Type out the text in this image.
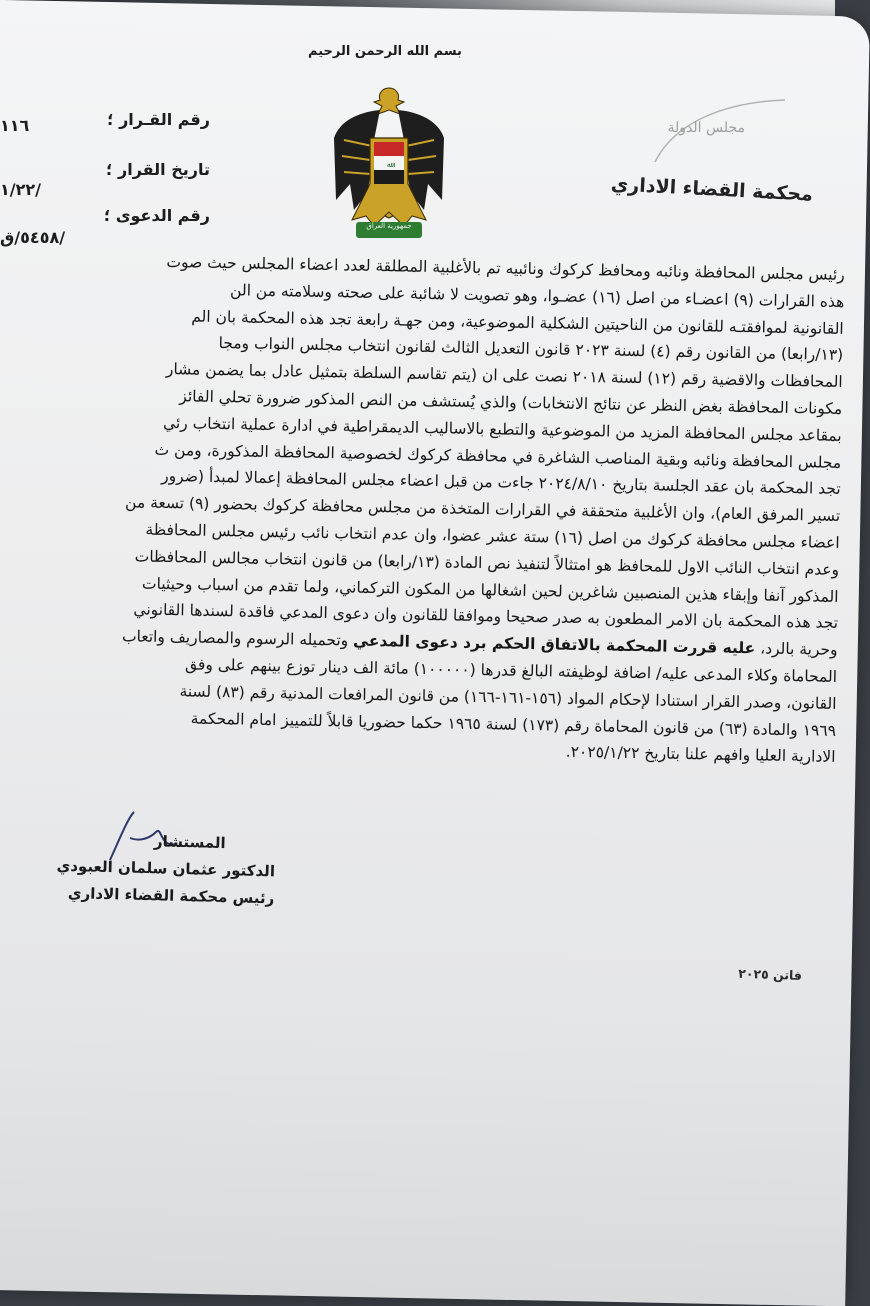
بسم الله الرحمن الرحيم
ﷲ
جمهورية العراق
مجلس الدولة
محكمة القضاء الاداري
١١٦	رقم القـرار ؛
١/٢٢/
تاريخ القرار ؛
٥٤٥٨/ق/
رقم الدعوى ؛
رئيس مجلس المحافظة ونائبه ومحافظ كركوك ونائبيه تم بالأغلبية المطلقة لعدد اعضاء المجلس حيث صوت
هذه القرارات (٩) اعضـاء من اصل (١٦) عضـوا، وهو تصويت لا شائبة على صحته وسلامته من الن
القانونية لموافقتـه للقانون من الناحيتين الشكلية الموضوعية، ومن جهـة رابعة تجد هذه المحكمة بان الم
(١٣/رابعا) من القانون رقم (٤) لسنة ٢٠٢٣ قانون التعديل الثالث لقانون انتخاب مجلس النواب ومجا
المحافظات والاقضية رقم (١٢) لسنة ٢٠١٨ نصت على ان (يتم تقاسم السلطة بتمثيل عادل بما يضمن مشار
مكونات المحافظة بغض النظر عن نتائج الانتخابات) والذي يُستشف من النص المذكور ضرورة تحلي الفائز
بمقاعد مجلس المحافظة المزيد من الموضوعية والتطبع بالاساليب الديمقراطية في ادارة عملية انتخاب رئي
مجلس المحافظة ونائبه وبقية المناصب الشاغرة في محافظة كركوك لخصوصية المحافظة المذكورة، ومن ث
تجد المحكمة بان عقد الجلسة بتاريخ ٢٠٢٤/٨/١٠ جاءت من قبل اعضاء مجلس المحافظة إعمالا لمبدأ (ضرور
تسير المرفق العام)، وان الأغلبية متحققة في القرارات المتخذة من مجلس محافظة كركوك بحضور (٩) تسعة من
اعضاء مجلس محافظة كركوك من اصل (١٦) ستة عشر عضوا، وان عدم انتخاب نائب رئيس مجلس المحافظة
وعدم انتخاب النائب الاول للمحافظ هو امتثالاً لتنفيذ نص المادة (١٣/رابعا) من قانون انتخاب مجالس المحافظات
المذكور آنفا وإبقاء هذين المنصبين شاغرين لحين اشغالها من المكون التركماني، ولما تقدم من اسباب وحيثيات
تجد هذه المحكمة بان الامر المطعون به صدر صحيحا وموافقا للقانون وان دعوى المدعي فاقدة لسندها القانوني
وحرية بالرد، عليه قررت المحكمة بالاتفاق الحكم برد دعوى المدعي وتحميله الرسوم والمصاريف واتعاب
المحاماة وكلاء المدعى عليه/ اضافة لوظيفته البالغ قدرها (١٠٠٠٠٠) مائة الف دينار توزع بينهم على وفق
القانون، وصدر القرار استنادا لإحكام المواد (١٥٦-١٦١-١٦٦) من قانون المرافعات المدنية رقم (٨٣) لسنة
١٩٦٩ والمادة (٦٣) من قانون المحاماة رقم (١٧٣) لسنة ١٩٦٥ حكما حضوريا قابلاً للتمييز امام المحكمة
الادارية العليا وافهم علنا بتاريخ ٢٠٢٥/١/٢٢.
المستشار
الدكتور عثمان سلمان العبودي
رئيس محكمة القضاء الاداري
فاتن ٢٠٢٥
